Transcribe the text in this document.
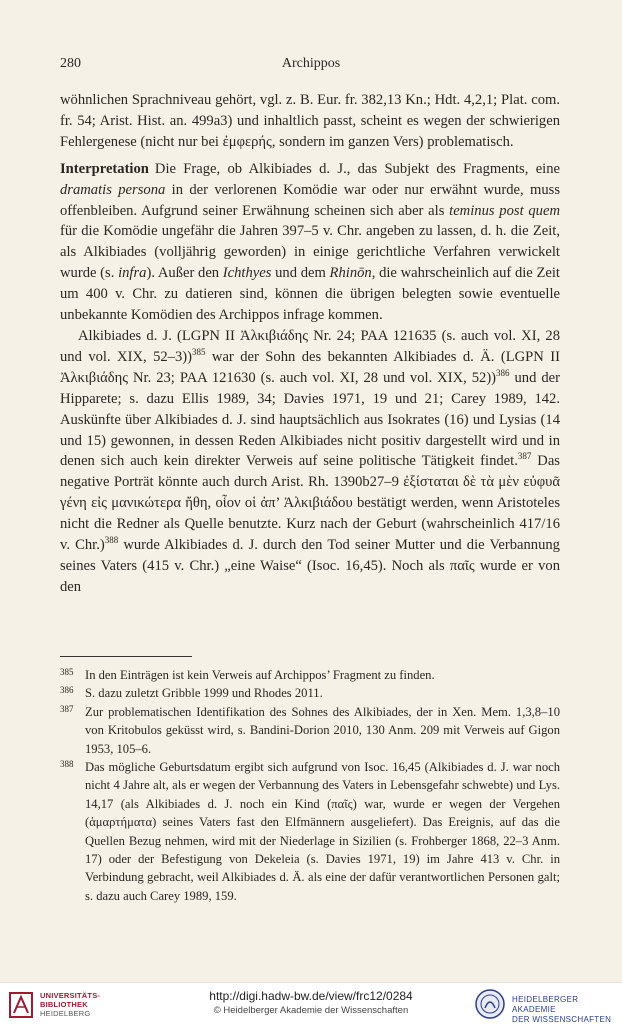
280	Archippos

wöhnlichen Sprachniveau gehört, vgl. z. B. Eur. fr. 382,13 Kn.; Hdt. 4,2,1; Plat. com. fr. 54; Arist. Hist. an. 499a3) und inhaltlich passt, scheint es wegen der schwierigen Fehlergenese (nicht nur bei ἐμφερής, sondern im ganzen Vers) problematisch.

Interpretation Die Frage, ob Alkibiades d. J., das Subjekt des Fragments, eine dramatis persona in der verlorenen Komödie war oder nur erwähnt wurde, muss offenbleiben. Aufgrund seiner Erwähnung scheinen sich aber als teminus post quem für die Komödie ungefähr die Jahren 397–5 v. Chr. angeben zu lassen, d. h. die Zeit, als Alkibiades (volljährig geworden) in einige gerichtliche Verfahren verwickelt wurde (s. infra). Außer den Ichthyes und dem Rhinōn, die wahrscheinlich auf die Zeit um 400 v. Chr. zu datieren sind, können die übrigen belegten sowie eventuelle unbekannte Komödien des Archippos infrage kommen.

Alkibiades d. J. (LGPN II Ἀλκιβιάδης Nr. 24; PAA 121635 (s. auch vol. XI, 28 und vol. XIX, 52–3))$^{385}$ war der Sohn des bekannten Alkibiades d. Ä. (LGPN II Ἀλκιβιάδης Nr. 23; PAA 121630 (s. auch vol. XI, 28 und vol. XIX, 52))$^{386}$ und der Hipparete; s. dazu Ellis 1989, 34; Davies 1971, 19 und 21; Carey 1989, 142. Auskünfte über Alkibiades d. J. sind hauptsächlich aus Isokrates (16) und Lysias (14 und 15) gewonnen, in dessen Reden Alkibiades nicht positiv dargestellt wird und in denen sich auch kein direkter Verweis auf seine politische Tätigkeit findet.$^{387}$ Das negative Porträt könnte auch durch Arist. Rh. 1390b27–9 ἐξίσταται δὲ τὰ μὲν εὐφυᾶ γένη εἰς μανικώτερα ἤθη, οἷον οἱ ἀπ’ Ἀλκιβιάδου bestätigt werden, wenn Aristoteles nicht die Redner als Quelle benutzte. Kurz nach der Geburt (wahrscheinlich 417/16 v. Chr.)$^{388}$ wurde Alkibiades d. J. durch den Tod seiner Mutter und die Verbannung seines Vaters (415 v. Chr.) „eine Waise“ (Isoc. 16,45). Noch als παῖς wurde er von den

385 In den Einträgen ist kein Verweis auf Archippos’ Fragment zu finden.
386 S. dazu zuletzt Gribble 1999 und Rhodes 2011.
387 Zur problematischen Identifikation des Sohnes des Alkibiades, der in Xen. Mem. 1,3,8–10 von Kritobulos geküsst wird, s. Bandini-Dorion 2010, 130 Anm. 209 mit Verweis auf Gigon 1953, 105–6.
388 Das mögliche Geburtsdatum ergibt sich aufgrund von Isoc. 16,45 (Alkibiades d. J. war noch nicht 4 Jahre alt, als er wegen der Verbannung des Vaters in Lebensgefahr schwebte) und Lys. 14,17 (als Alkibiades d. J. noch ein Kind (παῖς) war, wurde er wegen der Vergehen (ἁμαρτήματα) seines Vaters fast den Elfmännern ausgeliefert). Das Ereignis, auf das die Quellen Bezug nehmen, wird mit der Niederlage in Sizilien (s. Frohberger 1868, 22–3 Anm. 17) oder der Befestigung von Dekeleia (s. Davies 1971, 19) im Jahre 413 v. Chr. in Verbindung gebracht, weil Alkibiades d. Ä. als eine der dafür verantwortlichen Personen galt; s. dazu auch Carey 1989, 159.
UNIVERSITÄTS-
BIBLIOTHEK
HEIDELBERG
http://digi.hadw-bw.de/view/frc12/0284
© Heidelberger Akademie der Wissenschaften
HEIDELBERGER AKADEMIE
DER WISSENSCHAFTEN
